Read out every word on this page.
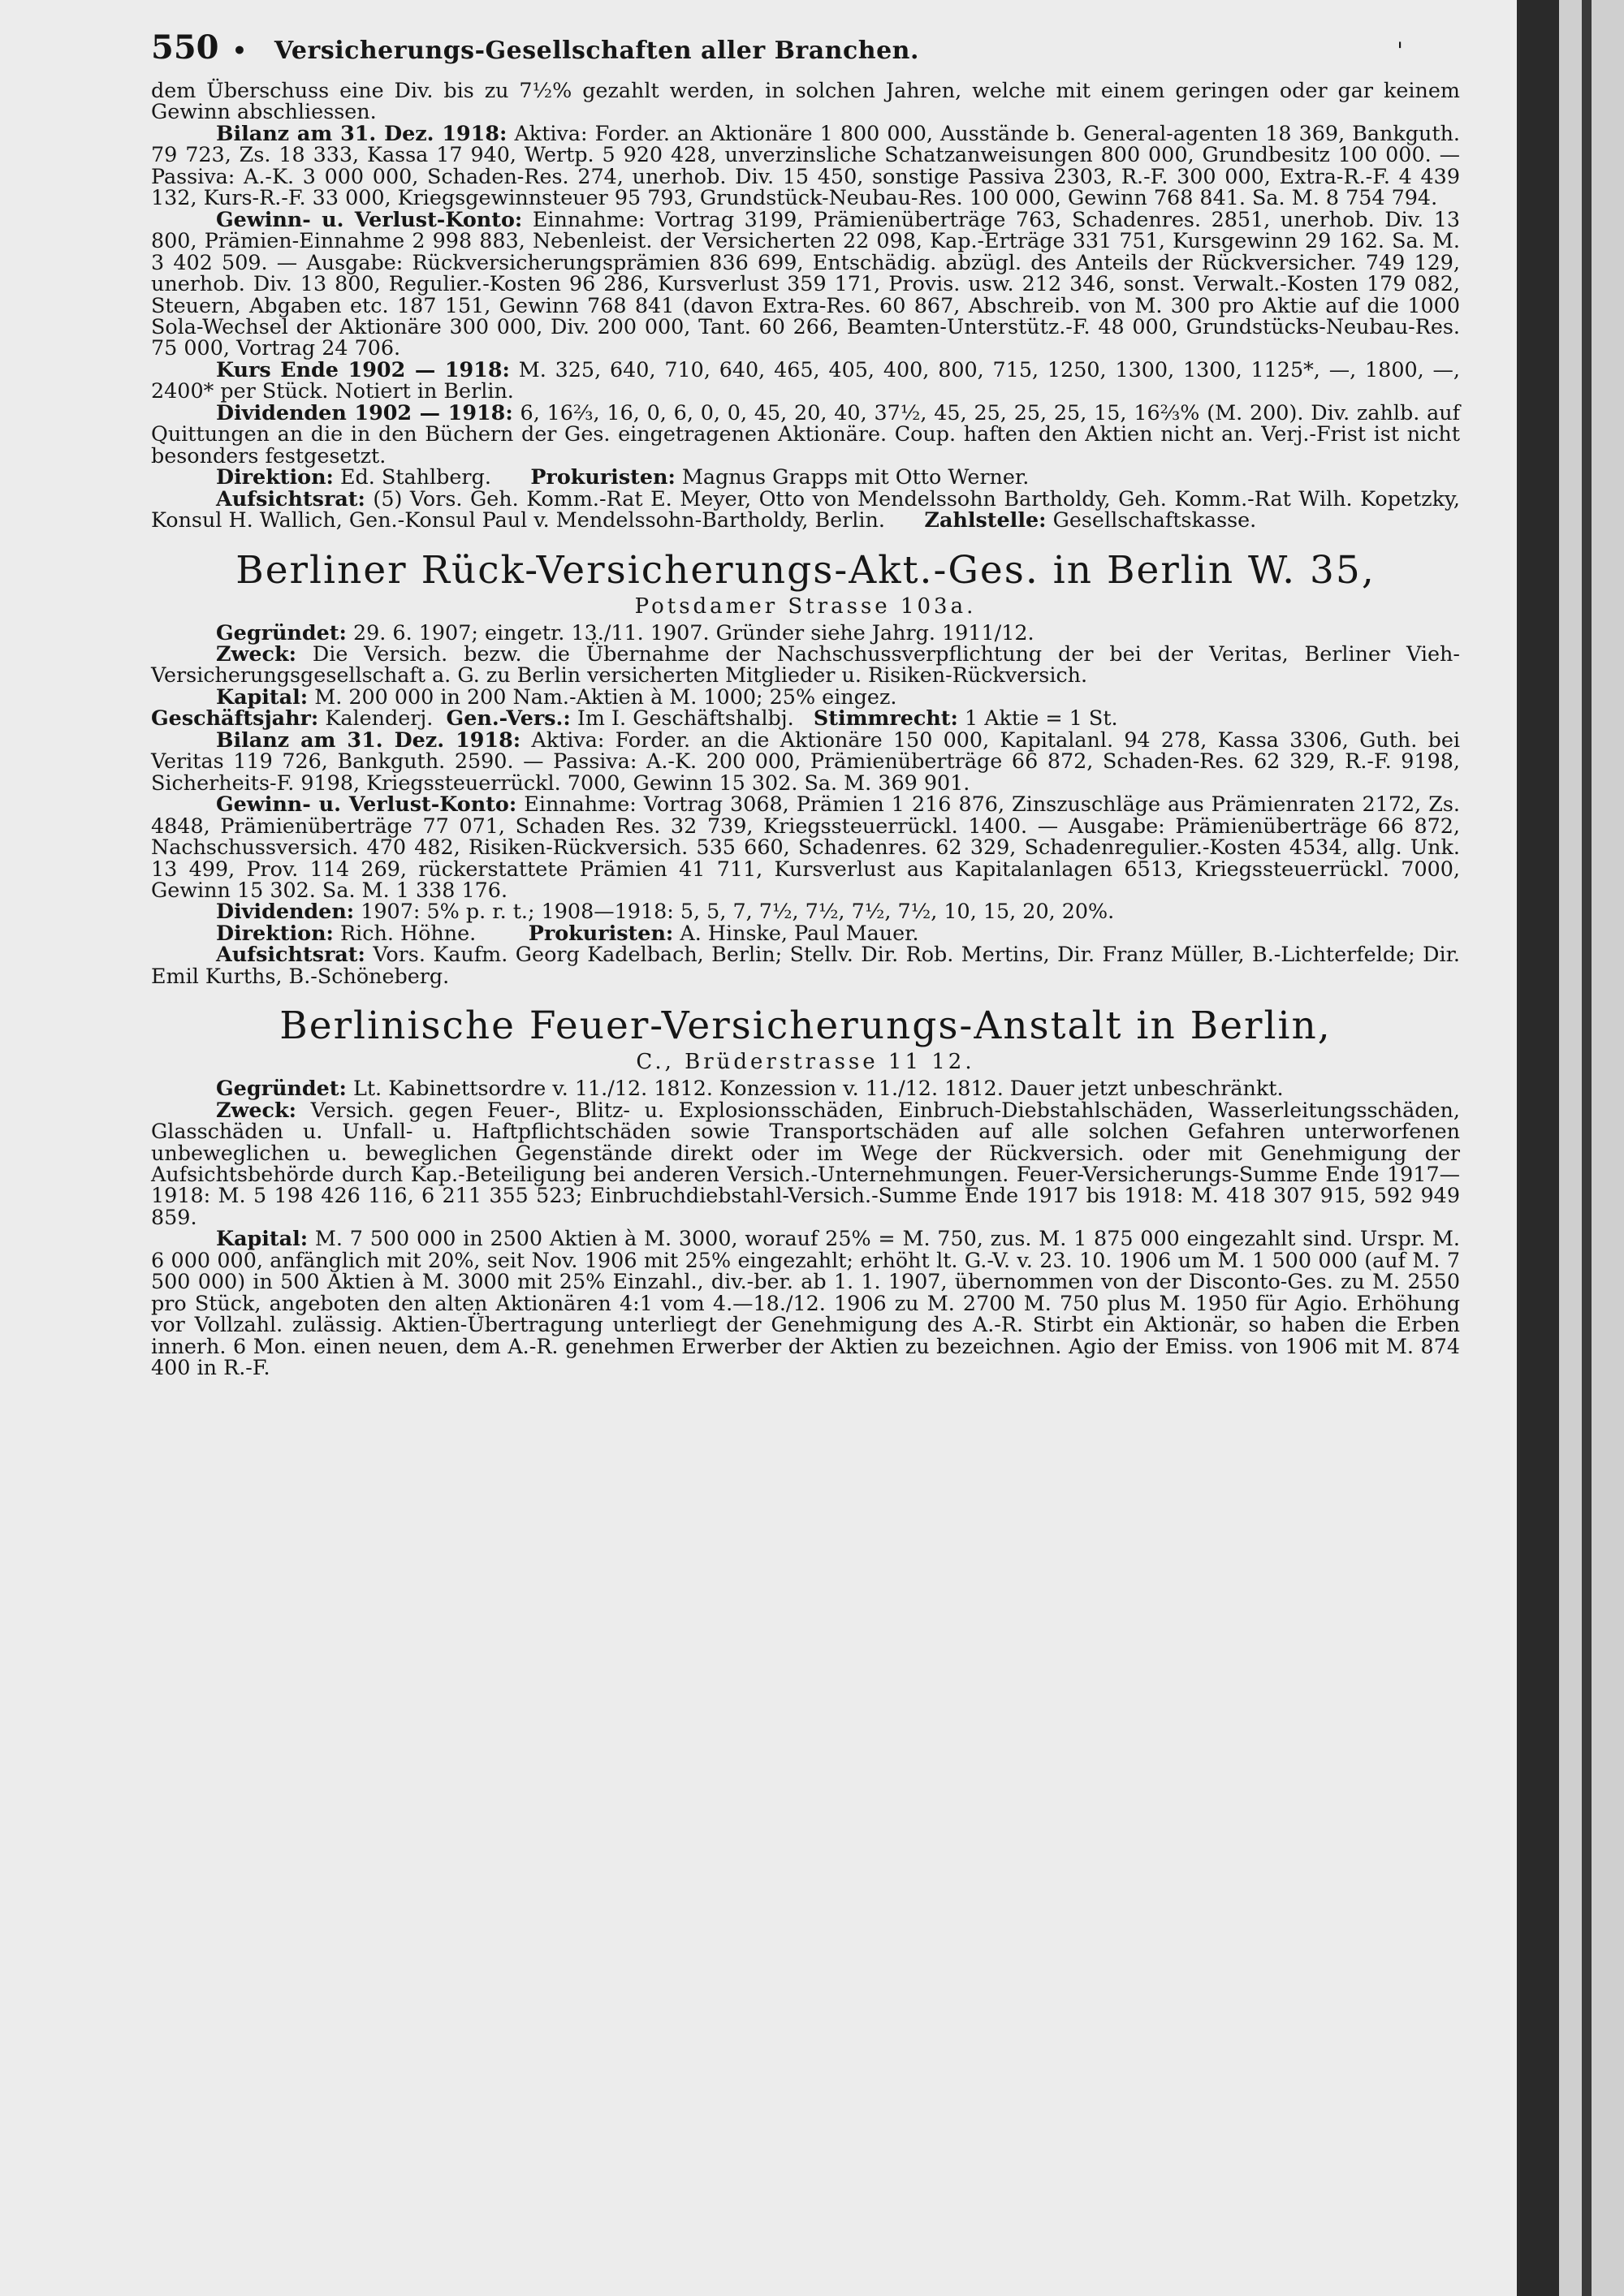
550 • Versicherungs-Gesellschaften aller Branchen.	'

dem Überschuss eine Div. bis zu 7½% gezahlt werden, in solchen Jahren, welche mit einem geringen oder gar keinem Gewinn abschliessen.

Bilanz am 31. Dez. 1918: Aktiva: Forder. an Aktionäre 1 800 000, Ausstände b. General-agenten 18 369, Bankguth. 79 723, Zs. 18 333, Kassa 17 940, Wertp. 5 920 428, unverzinsliche Schatzanweisungen 800 000, Grundbesitz 100 000. — Passiva: A.-K. 3 000 000, Schaden-Res. 274, unerhob. Div. 15 450, sonstige Passiva 2303, R.-F. 300 000, Extra-R.-F. 4 439 132, Kurs-R.-F. 33 000, Kriegsgewinnsteuer 95 793, Grundstück-Neubau-Res. 100 000, Gewinn 768 841. Sa. M. 8 754 794.

Gewinn- u. Verlust-Konto: Einnahme: Vortrag 3199, Prämienüberträge 763, Schadenres. 2851, unerhob. Div. 13 800, Prämien-Einnahme 2 998 883, Nebenleist. der Versicherten 22 098, Kap.-Erträge 331 751, Kursgewinn 29 162. Sa. M. 3 402 509. — Ausgabe: Rückversicherungsprämien 836 699, Entschädig. abzügl. des Anteils der Rückversicher. 749 129, unerhob. Div. 13 800, Regulier.-Kosten 96 286, Kursverlust 359 171, Provis. usw. 212 346, sonst. Verwalt.-Kosten 179 082, Steuern, Abgaben etc. 187 151, Gewinn 768 841 (davon Extra-Res. 60 867, Abschreib. von M. 300 pro Aktie auf die 1000 Sola-Wechsel der Aktionäre 300 000, Div. 200 000, Tant. 60 266, Beamten-Unterstütz.-F. 48 000, Grundstücks-Neubau-Res. 75 000, Vortrag 24 706.

Kurs Ende 1902 — 1918: M. 325, 640, 710, 640, 465, 405, 400, 800, 715, 1250, 1300, 1300, 1125*, —, 1800, —, 2400* per Stück. Notiert in Berlin.

Dividenden 1902 — 1918: 6, 16⅔, 16, 0, 6, 0, 0, 45, 20, 40, 37½, 45, 25, 25, 25, 15, 16⅔% (M. 200). Div. zahlb. auf Quittungen an die in den Büchern der Ges. eingetragenen Aktionäre. Coup. haften den Aktien nicht an. Verj.-Frist ist nicht besonders festgesetzt.

Direktion: Ed. Stahlberg. Prokuristen: Magnus Grapps mit Otto Werner.

Aufsichtsrat: (5) Vors. Geh. Komm.-Rat E. Meyer, Otto von Mendelssohn Bartholdy, Geh. Komm.-Rat Wilh. Kopetzky, Konsul H. Wallich, Gen.-Konsul Paul v. Mendelssohn-Bartholdy, Berlin. Zahlstelle: Gesellschaftskasse.

Berliner Rück-Versicherungs-Akt.-Ges. in Berlin W. 35,
Potsdamer Strasse 103a.

Gegründet: 29. 6. 1907; eingetr. 13./11. 1907. Gründer siehe Jahrg. 1911/12.

Zweck: Die Versich. bezw. die Übernahme der Nachschussverpflichtung der bei der Veritas, Berliner Vieh-Versicherungsgesellschaft a. G. zu Berlin versicherten Mitglieder u. Risiken-Rückversich.

Kapital: M. 200 000 in 200 Nam.-Aktien à M. 1000; 25% eingez.

Geschäftsjahr: Kalenderj. Gen.-Vers.: Im I. Geschäftshalbj. Stimmrecht: 1 Aktie = 1 St.

Bilanz am 31. Dez. 1918: Aktiva: Forder. an die Aktionäre 150 000, Kapitalanl. 94 278, Kassa 3306, Guth. bei Veritas 119 726, Bankguth. 2590. — Passiva: A.-K. 200 000, Prämienüberträge 66 872, Schaden-Res. 62 329, R.-F. 9198, Sicherheits-F. 9198, Kriegssteuerrückl. 7000, Gewinn 15 302. Sa. M. 369 901.

Gewinn- u. Verlust-Konto: Einnahme: Vortrag 3068, Prämien 1 216 876, Zinszuschläge aus Prämienraten 2172, Zs. 4848, Prämienüberträge 77 071, Schaden Res. 32 739, Kriegssteuerrückl. 1400. — Ausgabe: Prämienüberträge 66 872, Nachschussversich. 470 482, Risiken-Rückversich. 535 660, Schadenres. 62 329, Schadenregulier.-Kosten 4534, allg. Unk. 13 499, Prov. 114 269, rückerstattete Prämien 41 711, Kursverlust aus Kapitalanlagen 6513, Kriegssteuerrückl. 7000, Gewinn 15 302. Sa. M. 1 338 176.

Dividenden: 1907: 5% p. r. t.; 1908—1918: 5, 5, 7, 7½, 7½, 7½, 7½, 10, 15, 20, 20%.

Direktion: Rich. Höhne.	Prokuristen: A. Hinske, Paul Mauer.

Aufsichtsrat: Vors. Kaufm. Georg Kadelbach, Berlin; Stellv. Dir. Rob. Mertins, Dir. Franz Müller, B.-Lichterfelde; Dir. Emil Kurths, B.-Schöneberg.

Berlinische Feuer-Versicherungs-Anstalt in Berlin,
C., Brüderstrasse 11 12.

Gegründet: Lt. Kabinettsordre v. 11./12. 1812. Konzession v. 11./12. 1812. Dauer jetzt unbeschränkt.

Zweck: Versich. gegen Feuer-, Blitz- u. Explosionsschäden, Einbruch-Diebstahlschäden, Wasserleitungsschäden, Glasschäden u. Unfall- u. Haftpflichtschäden sowie Transportschäden auf alle solchen Gefahren unterworfenen unbeweglichen u. beweglichen Gegenstände direkt oder im Wege der Rückversich. oder mit Genehmigung der Aufsichtsbehörde durch Kap.-Beteiligung bei anderen Versich.-Unternehmungen. Feuer-Versicherungs-Summe Ende 1917—1918: M. 5 198 426 116, 6 211 355 523; Einbruchdiebstahl-Versich.-Summe Ende 1917 bis 1918: M. 418 307 915, 592 949 859.

Kapital: M. 7 500 000 in 2500 Aktien à M. 3000, worauf 25% = M. 750, zus. M. 1 875 000 eingezahlt sind. Urspr. M. 6 000 000, anfänglich mit 20%, seit Nov. 1906 mit 25% eingezahlt; erhöht lt. G.-V. v. 23. 10. 1906 um M. 1 500 000 (auf M. 7 500 000) in 500 Aktien à M. 3000 mit 25% Einzahl., div.-ber. ab 1. 1. 1907, übernommen von der Disconto-Ges. zu M. 2550 pro Stück, angeboten den alten Aktionären 4:1 vom 4.—18./12. 1906 zu M. 2700 M. 750 plus M. 1950 für Agio. Erhöhung vor Vollzahl. zulässig. Aktien-Übertragung unterliegt der Genehmigung des A.-R. Stirbt ein Aktionär, so haben die Erben innerh. 6 Mon. einen neuen, dem A.-R. genehmen Erwerber der Aktien zu bezeichnen. Agio der Emiss. von 1906 mit M. 874 400 in R.-F.
